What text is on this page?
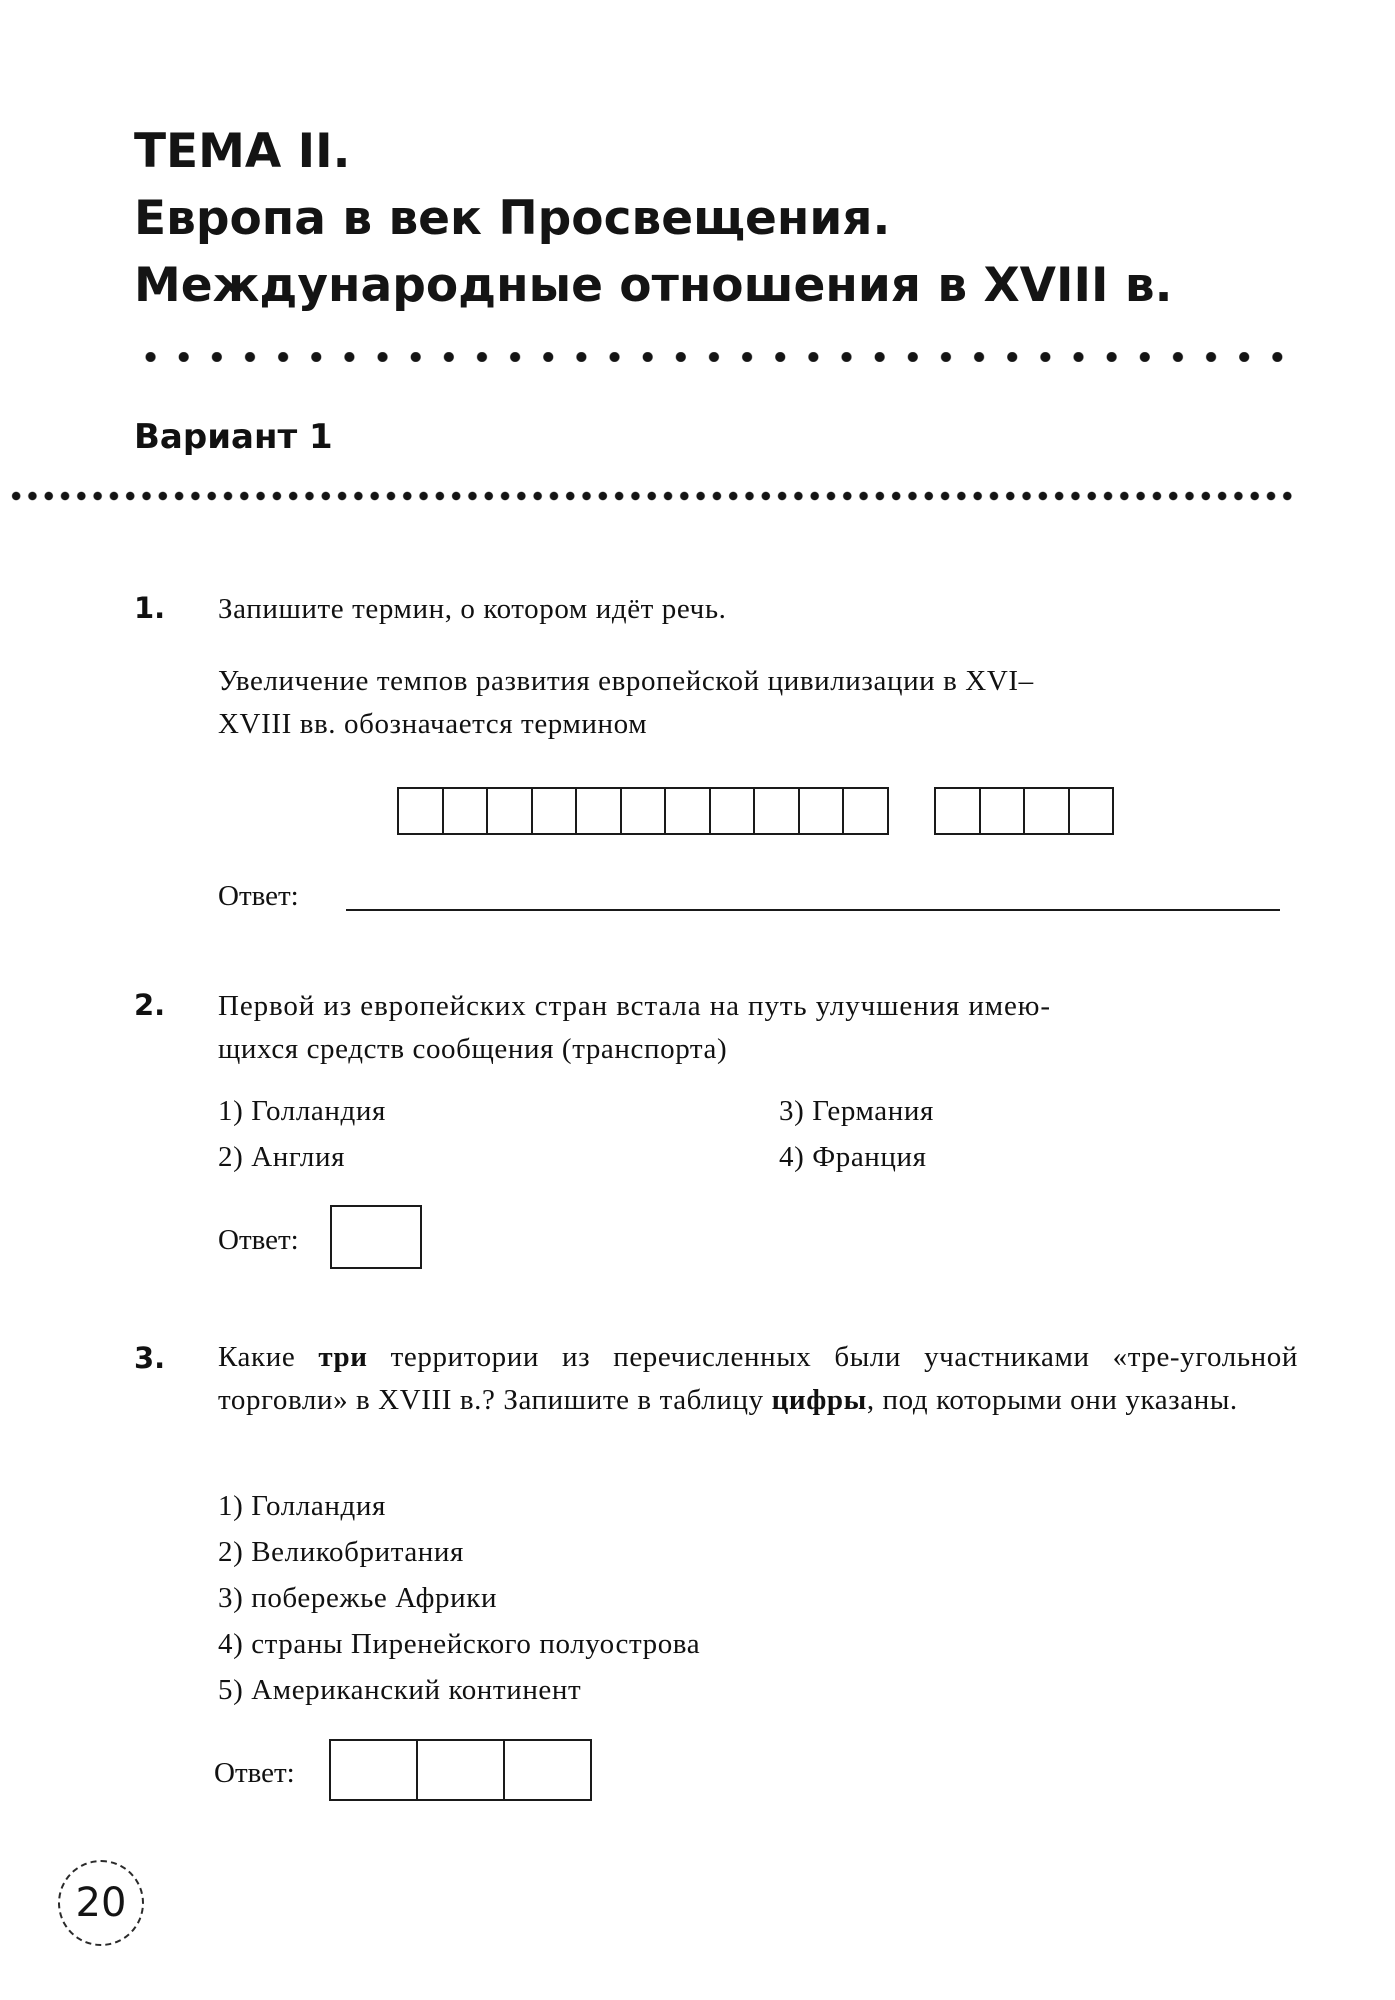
ТЕМА II.
Европа в век Просвещения.
Международные отношения в XVIII в.
Вариант 1
1. Запишите термин, о котором идёт речь.
Увеличение темпов развития европейской цивилизации в XVI–
XVIII вв. обозначается термином
Ответ:
2. Первой из европейских стран встала на путь улучшения имею-
щихся средств сообщения (транспорта)
1) Голландия
2) Англия
3) Германия
4) Франция
Ответ:
3. Какие три территории из перечисленных были участниками «тре-угольной торговли» в XVIII в.? Запишите в таблицу цифры, под которыми они указаны.
1) Голландия
2) Великобритания
3) побережье Африки
4) страны Пиренейского полуострова
5) Американский континент
Ответ:
20
